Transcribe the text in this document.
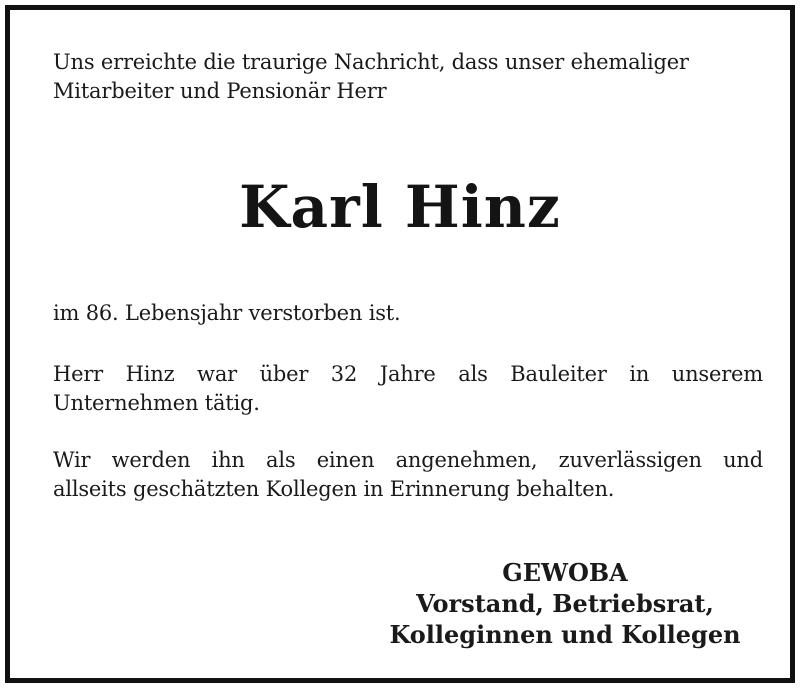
Uns erreichte die traurige Nachricht, dass unser ehemaliger
Mitarbeiter und Pensionär Herr

Karl Hinz

im 86. Lebensjahr verstorben ist.

Herr Hinz war über 32 Jahre als Bauleiter in unserem
Unternehmen tätig.

Wir werden ihn als einen angenehmen, zuverlässigen und
allseits geschätzten Kollegen in Erinnerung behalten.

GEWOBA
Vorstand, Betriebsrat,
Kolleginnen und Kollegen
